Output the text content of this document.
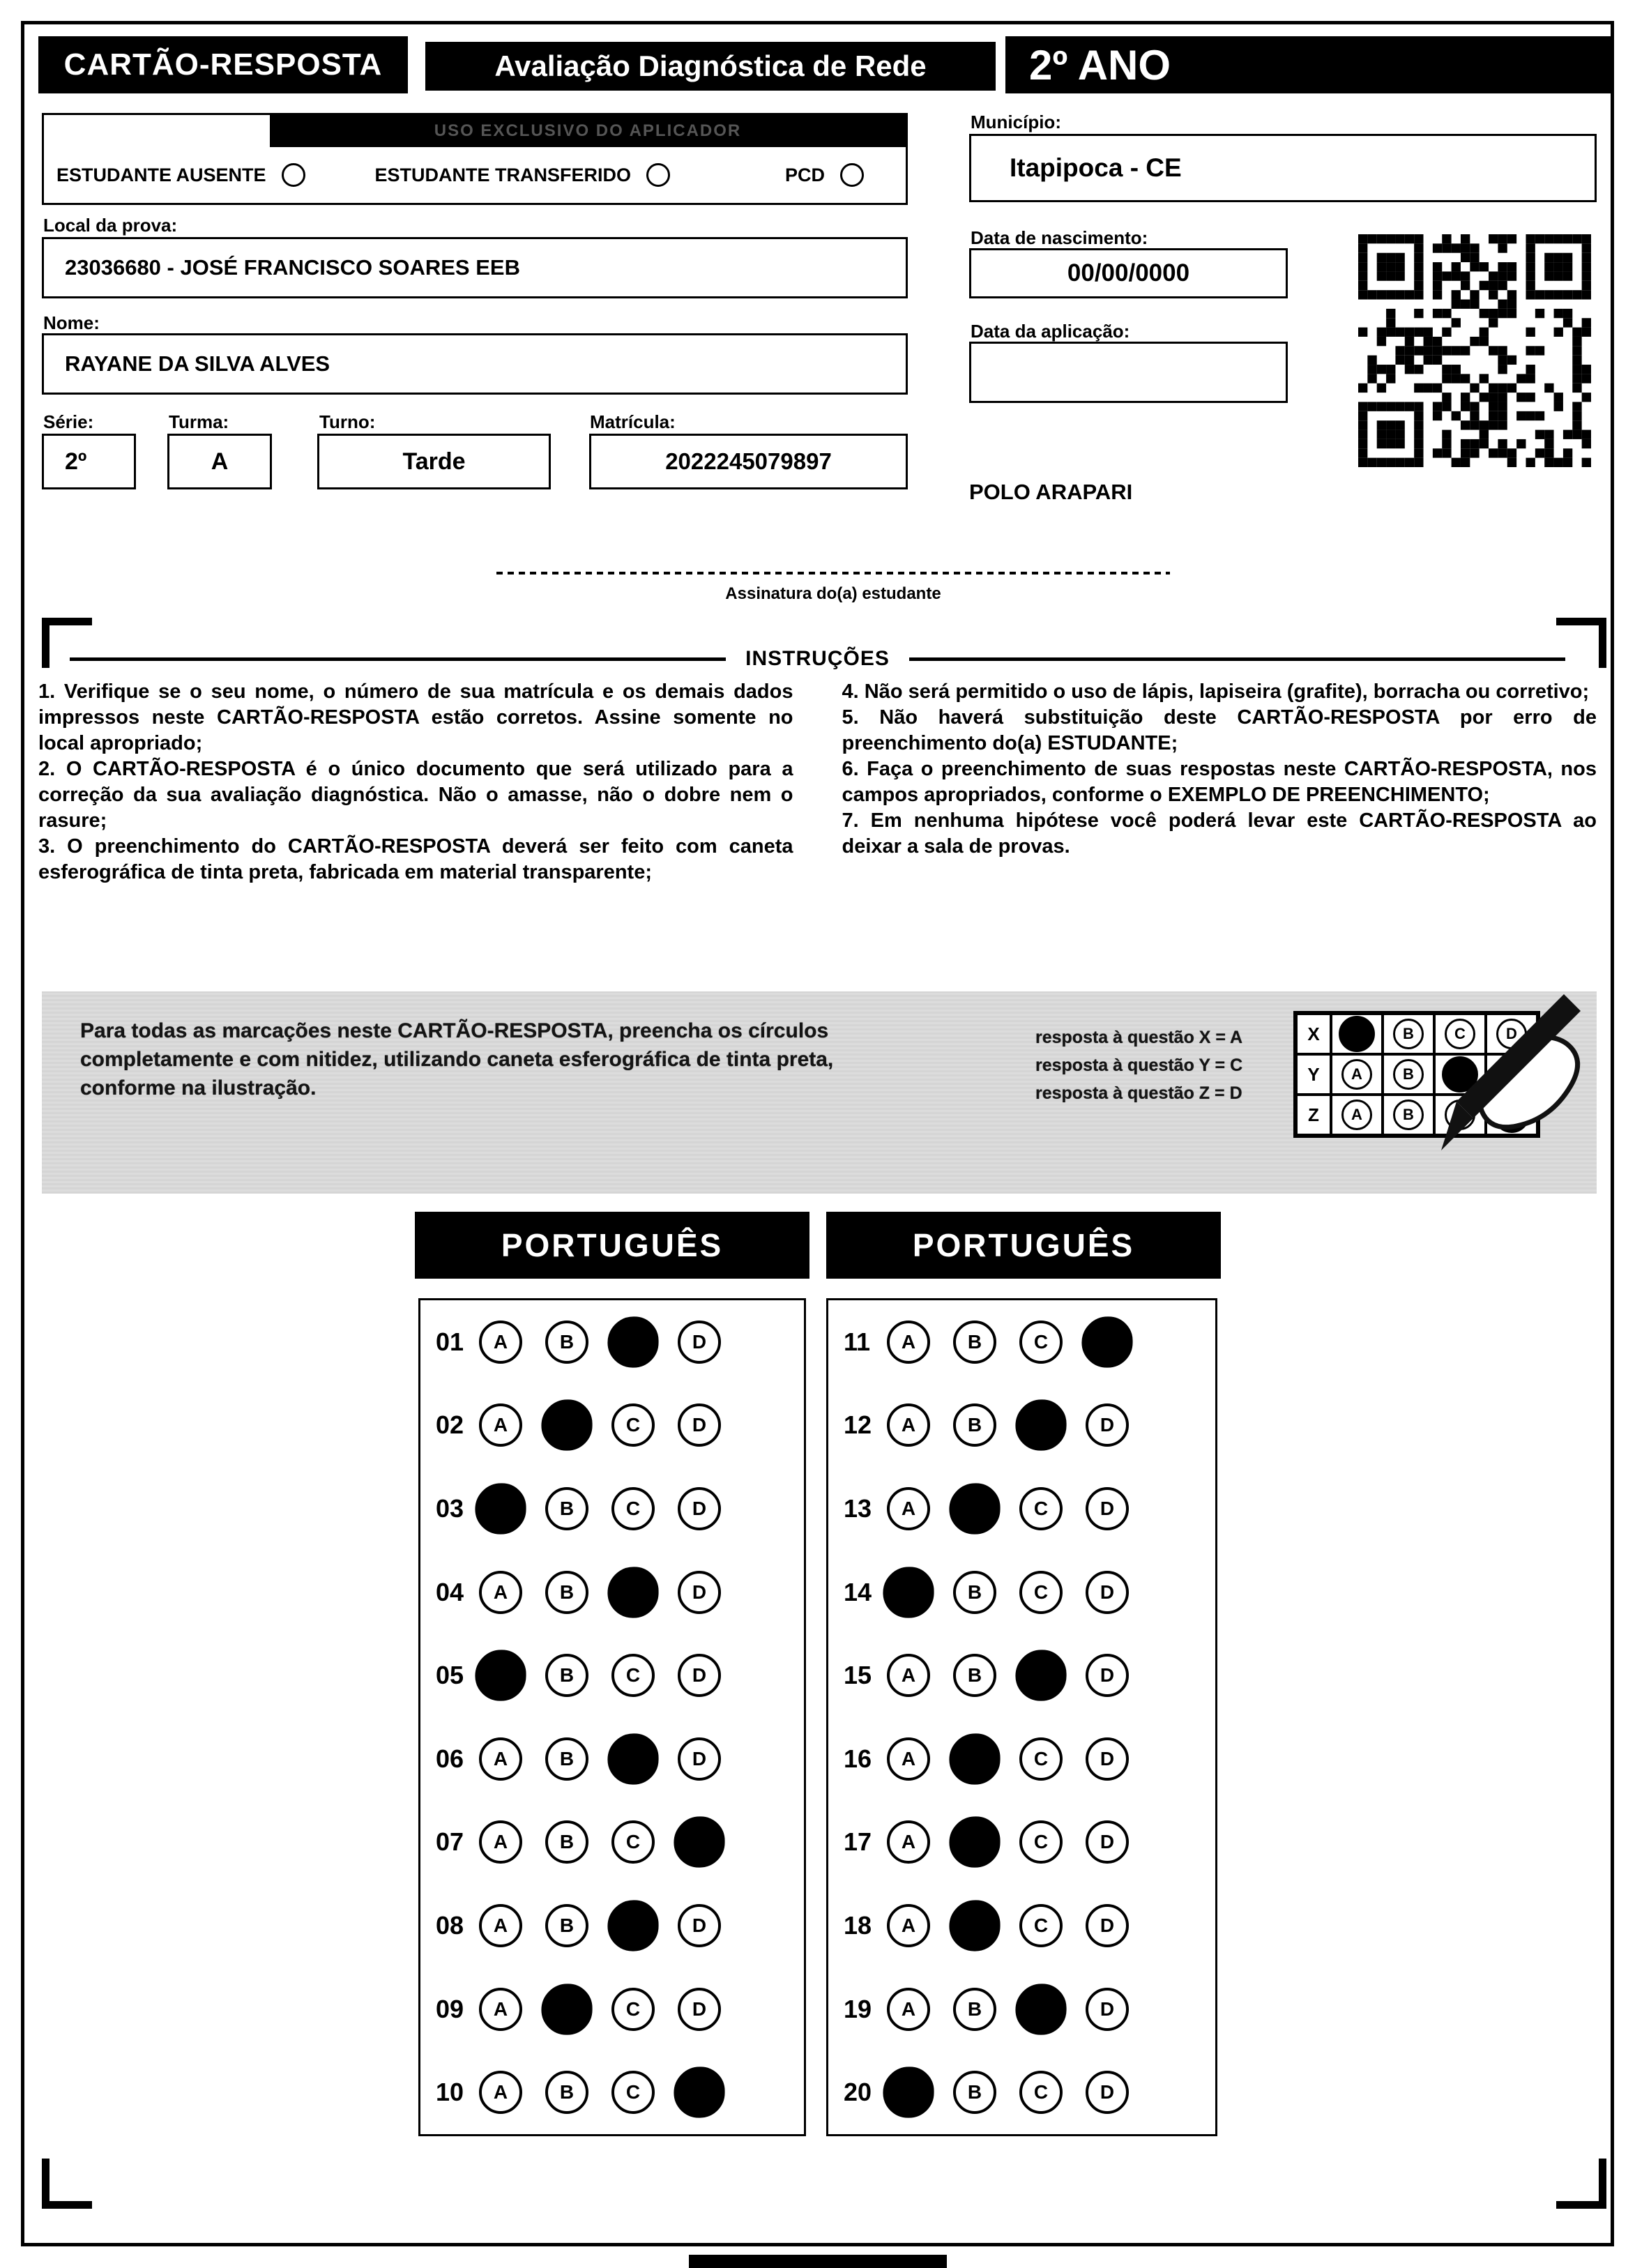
CARTÃO-RESPOSTA	Avaliação Diagnóstica de Rede	2º ANO
USO EXCLUSIVO DO APLICADOR
ESTUDANTE AUSENTE	ESTUDANTE TRANSFERIDO	PCD
Local da prova:
23036680 - JOSÉ FRANCISCO SOARES EEB
Nome:
RAYANE DA SILVA ALVES
Série:	Turma:	Turno:	Matrícula:
2º	A	Tarde	2022245079897
Município:
Itapipoca - CE
Data de nascimento:
00/00/0000
Data da aplicação:
POLO ARAPARI
Assinatura do(a) estudante
INSTRUÇÕES

1. Verifique se o seu nome, o número de sua matrícula e os demais dados impressos neste CARTÃO-RESPOSTA estão corretos. Assine somente no local apropriado;

2. O CARTÃO-RESPOSTA é o único documento que será utilizado para a correção da sua avaliação diagnóstica. Não o amasse, não o dobre nem o rasure;

3. O preenchimento do CARTÃO-RESPOSTA deverá ser feito com caneta esferográfica de tinta preta, fabricada em material transparente;

4. Não será permitido o uso de lápis, lapiseira (grafite), borracha ou corretivo;

5. Não haverá substituição deste CARTÃO-RESPOSTA por erro de preenchimento do(a) ESTUDANTE;

6. Faça o preenchimento de suas respostas neste CARTÃO-RESPOSTA, nos campos apropriados, conforme o EXEMPLO DE PREENCHIMENTO;

7. Em nenhuma hipótese você poderá levar este CARTÃO-RESPOSTA ao deixar a sala de provas.

Para todas as marcações neste CARTÃO-RESPOSTA, preencha os círculos completamente e com nitidez, utilizando caneta esferográfica de tinta preta, conforme na ilustração.
resposta à questão X = A
resposta à questão Y = C
resposta à questão Z = D
X	B	C	D
Y	A	B
Z	A	B
PORTUGUÊS	PORTUGUÊS
01	A	B	D
02	A	C	D
03	B	C	D
04	A	B	D
05	B	C	D
06	A	B	D
07	A	B	C
08	A	B	D
09	A	C	D
10	A	B	C
11	A	B	C
12	A	B	D
13	A	C	D
14	B	C	D
15	A	B	D
16	A	C	D
17	A	C	D
18	A	C	D
19	A	B	D
20	B	C	D
